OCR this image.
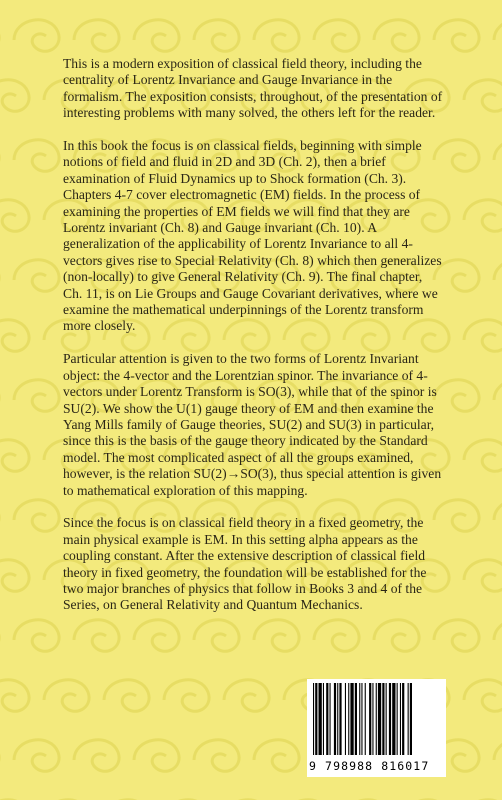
This is a modern exposition of classical field theory, including the centrality of Lorentz Invariance and Gauge Invariance in the formalism. The exposition consists, throughout, of the presentation of interesting problems with many solved, the others left for the reader.

In this book the focus is on classical fields, beginning with simple notions of field and fluid in 2D and 3D (Ch. 2), then a brief examination of Fluid Dynamics up to Shock formation (Ch. 3). Chapters 4-7 cover electromagnetic (EM) fields. In the process of examining the properties of EM fields we will find that they are Lorentz invariant (Ch. 8) and Gauge invariant (Ch. 10). A generalization of the applicability of Lorentz Invariance to all 4-vectors gives rise to Special Relativity (Ch. 8) which then generalizes (non-locally) to give General Relativity (Ch. 9). The final chapter, Ch. 11, is on Lie Groups and Gauge Covariant derivatives, where we examine the mathematical underpinnings of the Lorentz transform more closely.

Particular attention is given to the two forms of Lorentz Invariant object: the 4-vector and the Lorentzian spinor. The invariance of 4-vectors under Lorentz Transform is SO(3), while that of the spinor is SU(2). We show the U(1) gauge theory of EM and then examine the Yang Mills family of Gauge theories, SU(2) and SU(3) in particular, since this is the basis of the gauge theory indicated by the Standard model. The most complicated aspect of all the groups examined, however, is the relation SU(2)→SO(3), thus special attention is given to mathematical exploration of this mapping.

Since the focus is on classical field theory in a fixed geometry, the main physical example is EM. In this setting alpha appears as the coupling constant. After the extensive description of classical field theory in fixed geometry, the foundation will be established for the two major branches of physics that follow in Books 3 and 4 of the Series, on General Relativity and Quantum Mechanics.

9 798988 816017
